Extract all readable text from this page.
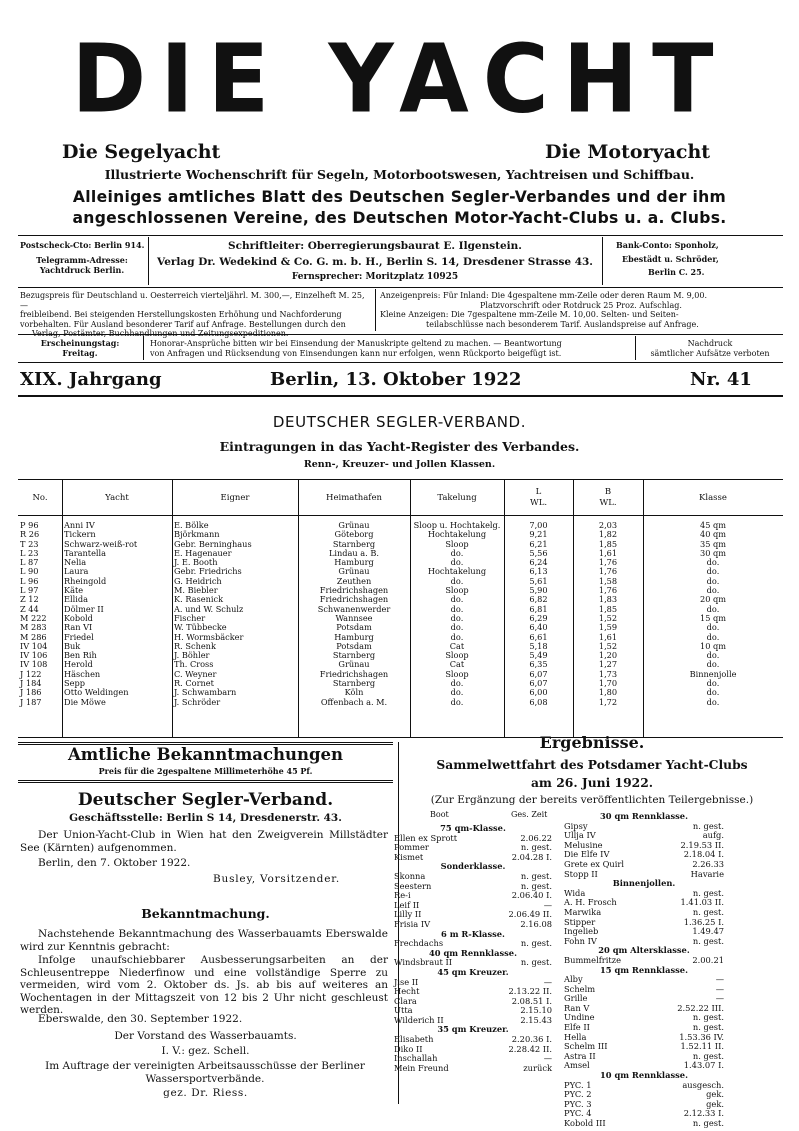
DIE YACHT
Die Segelyacht	Die Motoryacht
Illustrierte Wochenschrift für Segeln, Motorbootswesen, Yachtreisen und Schiffbau.
Alleiniges amtliches Blatt des Deutschen Segler-Verbandes und der ihm
angeschlossenen Vereine, des Deutschen Motor-Yacht-Clubs u. a. Clubs.
Postscheck-Cto: Berlin 914.
Telegramm-Adresse:
Yachtdruck Berlin.
Schriftleiter: Oberregierungsbaurat E. Ilgenstein.
Verlag Dr. Wedekind & Co. G. m. b. H., Berlin S. 14, Dresdener Strasse 43.
Fernsprecher: Moritzplatz 10925
Bank-Conto: Sponholz,
Ebestädt u. Schröder,
Berlin C. 25.
Bezugspreis für Deutschland u. Oesterreich vierteljährl. M. 300,—, Einzelheft M. 25,—
freibleibend. Bei steigenden Herstellungskosten Erhöhung und Nachforderung
vorbehalten. Für Ausland besonderer Tarif auf Anfrage. Bestellungen durch den
Verlag, Postämter, Buchhandlungen und Zeitungsexpeditionen.
Anzeigenpreis: Für Inland: Die 4gespaltene mm-Zeile oder deren Raum M. 9,00.
Platzvorschrift oder Rotdruck 25 Proz. Aufschlag.
Kleine Anzeigen: Die 7gespaltene mm-Zeile M. 10,00. Selten- und Seiten-
teilabschlüsse nach besonderem Tarif. Auslandspreise auf Anfrage.
Erscheinungstag:
Freitag.
Honorar-Ansprüche bitten wir bei Einsendung der Manuskripte geltend zu machen. — Beantwortung
von Anfragen und Rücksendung von Einsendungen kann nur erfolgen, wenn Rückporto beigefügt ist.
Nachdruck
sämtlicher Aufsätze verboten
XIX. Jahrgang	Berlin, 13. Oktober 1922	Nr. 41
DEUTSCHER SEGLER-VERBAND.
Eintragungen in das Yacht-Register des Verbandes.
Renn-, Kreuzer- und Jollen Klassen.
No.	Yacht	Eigner	Heimathafen	Takelung
L
WL.
B
WL.	Klasse
P 96	Anni IV	E. Bölke	Grünau	Sloop u. Hochtakelg.	7,00	2,03	45 qm
R 26	Tickern	Björkmann	Göteborg	Hochtakelung	9,21	1,82	40 qm
T 23	Schwarz-weiß-rot	Gebr. Berninghaus	Starnberg	Sloop	6,21	1,85	35 qm
L 23	Tarantella	E. Hagenauer	Lindau a. B.	do.	5,56	1,61	30 qm
L 87	Nelia	J. E. Booth	Hamburg	do.	6,24	1,76	do.
L 90	Laura	Gebr. Friedrichs	Grünau	Hochtakelung	6,13	1,76	do.
L 96	Rheingold	G. Heidrich	Zeuthen	do.	5,61	1,58	do.
L 97	Käte	M. Biebler	Friedrichshagen	Sloop	5,90	1,76	do.
Z 12	Ellida	K. Rasenick	Friedrichshagen	do.	6,82	1,83	20 qm
Z 44	Dölmer II	A. und W. Schulz	Schwanenwerder	do.	6,81	1,85	do.
M 222	Kobold	Fischer	Wannsee	do.	6,29	1,52	15 qm
M 283	Ran VI	W. Tübbecke	Potsdam	do.	6,40	1,59	do.
M 286	Friedel	H. Wormsbäcker	Hamburg	do.	6,61	1,61	do.
IV 104	Buk	R. Schenk	Potsdam	Cat	5,18	1,52	10 qm
IV 106	Ben Rih	J. Böhler	Starnberg	Sloop	5,49	1,20	do.
IV 108	Herold	Th. Cross	Grünau	Cat	6,35	1,27	do.
J 122	Häschen	C. Weyner	Friedrichshagen	Sloop	6,07	1,73	Binnenjolle
J 184	Sepp	R. Cornet	Starnberg	do.	6,07	1,70	do.
J 186	Otto Weldingen	J. Schwambarn	Köln	do.	6,00	1,80	do.
J 187	Die Möwe	J. Schröder	Offenbach a. M.	do.	6,08	1,72	do.
Amtliche Bekanntmachungen
Preis für die 2gespaltene Millimeterhöhe 45 Pf.
Deutscher Segler-Verband.
Geschäftsstelle: Berlin S 14, Dresdenerstr. 43.
Der Union-Yacht-Club in Wien hat den Zweigverein Millstädter See (Kärnten) aufgenommen.
Berlin, den 7. Oktober 1922.
Busley, Vorsitzender.
Bekanntmachung.
Nachstehende Bekanntmachung des Wasserbauamts Eberswalde wird zur Kenntnis gebracht:
Infolge unaufschiebbarer Ausbesserungsarbeiten an der Schleusentreppe Niederfinow und eine vollständige Sperre zu vermeiden, wird vom 2. Oktober ds. Js. ab bis auf weiteres an Wochentagen in der Mittagszeit von 12 bis 2 Uhr nicht geschleust werden.
Eberswalde, den 30. September 1922.
Der Vorstand des Wasserbauamts.
I. V.: gez. Schell.
Im Auftrage der vereinigten Arbeitsausschüsse der Berliner Wassersportverbände.
gez. Dr. Riess.
Ergebnisse.
Sammelwettfahrt des Potsdamer Yacht-Clubs
am 26. Juni 1922.
(Zur Ergänzung der bereits veröffentlichten Teilergebnisse.)
Boot	Ges. Zeit
75 qm-Klasse.
Ellen ex Sprott	2.06.22
Pommer	n. gest.
Kismet	2.04.28 I.
Sonderklasse.
Skonna	n. gest.
Seestern	n. gest.
Re-i	2.06.40 I.
Leif II	—
Lilly II	2.06.49 II.
Frisia IV	2.16.08
6 m R-Klasse.
Frechdachs	n. gest.
40 qm Rennklasse.
Windsbraut II	n. gest.
45 qm Kreuzer.
Jise II	—
Hecht	2.13.22 II.
Clara	2.08.51 I.
Utta	2.15.10
Wilderich II	2.15.43
35 qm Kreuzer.
Elisabeth	2.20.36 I.
Diko II	2.28.42 II.
Inschallah	—
Mein Freund	zurück
30 qm Rennklasse.
Gipsy	n. gest.
Ullja IV	aufg.
Melusine	2.19.53 II.
Die Elfe IV	2.18.04 I.
Grete ex Quirl	2.26.33
Stopp II	Havarie
Binnenjollen.
Wida	n. gest.
A. H. Frosch	1.41.03 II.
Marwika	n. gest.
Stipper	1.36.25 I.
Ingelieb	1.49.47
Fohn IV	n. gest.
20 qm Altersklasse.
Bummelfritze	2.00.21
15 qm Rennklasse.
Alby	—
Schelm	—
Grille	—
Ran V	2.52.22 III.
Undine	n. gest.
Elfe II	n. gest.
Hella	1.53.36 IV.
Schelm III	1.52.11 II.
Astra II	n. gest.
Amsel	1.43.07 I.
10 qm Rennklasse.
PYC. 1	ausgesch.
PYC. 2	gek.
PYC. 3	gek.
PYC. 4	2.12.33 I.
Kobold III	n. gest.
